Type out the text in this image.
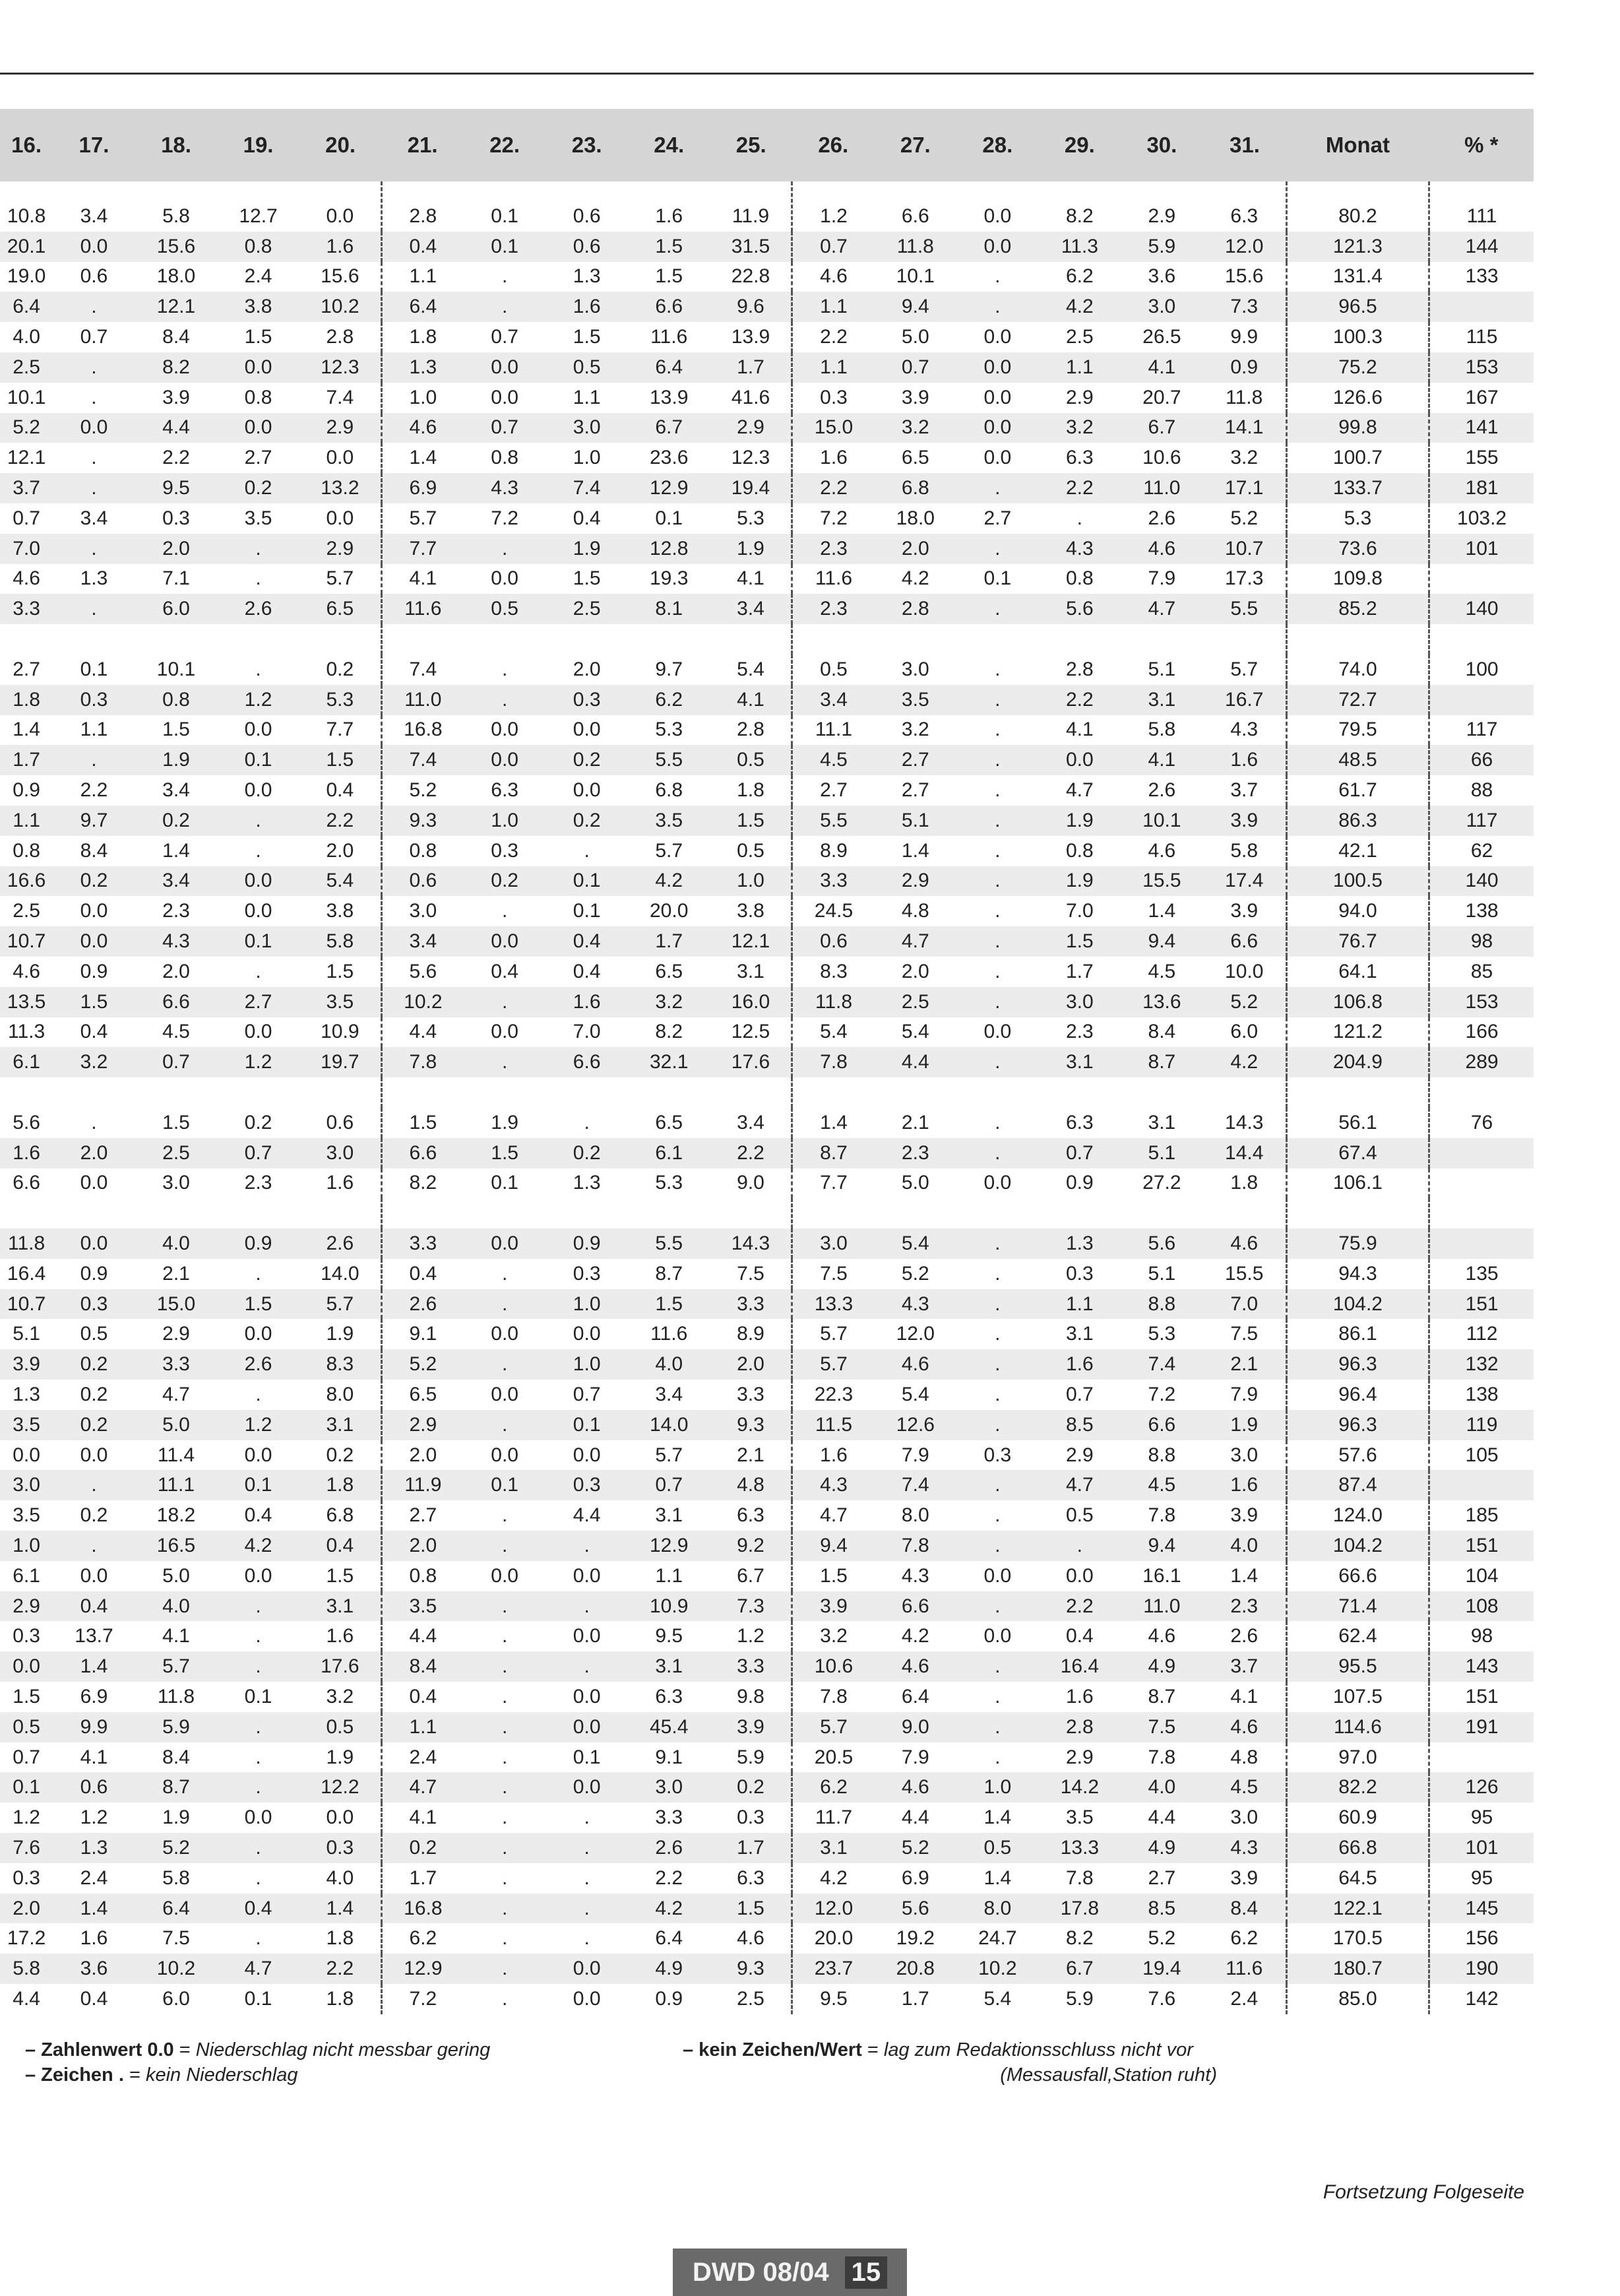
16.	17.	18.	19.	20.	21.	22.	23.	24.	25.	26.	27.	28.	29.	30.	31.	Monat	% *
10.8	3.4	5.8	12.7	0.0	2.8	0.1	0.6	1.6	11.9	1.2	6.6	0.0	8.2	2.9	6.3	80.2	111
20.1	0.0	15.6	0.8	1.6	0.4	0.1	0.6	1.5	31.5	0.7	11.8	0.0	11.3	5.9	12.0	121.3	144
19.0	0.6	18.0	2.4	15.6	1.1	.	1.3	1.5	22.8	4.6	10.1	.	6.2	3.6	15.6	131.4	133
6.4	.	12.1	3.8	10.2	6.4	.	1.6	6.6	9.6	1.1	9.4	.	4.2	3.0	7.3	96.5	
4.0	0.7	8.4	1.5	2.8	1.8	0.7	1.5	11.6	13.9	2.2	5.0	0.0	2.5	26.5	9.9	100.3	115
2.5	.	8.2	0.0	12.3	1.3	0.0	0.5	6.4	1.7	1.1	0.7	0.0	1.1	4.1	0.9	75.2	153
10.1	.	3.9	0.8	7.4	1.0	0.0	1.1	13.9	41.6	0.3	3.9	0.0	2.9	20.7	11.8	126.6	167
5.2	0.0	4.4	0.0	2.9	4.6	0.7	3.0	6.7	2.9	15.0	3.2	0.0	3.2	6.7	14.1	99.8	141
12.1	.	2.2	2.7	0.0	1.4	0.8	1.0	23.6	12.3	1.6	6.5	0.0	6.3	10.6	3.2	100.7	155
3.7	.	9.5	0.2	13.2	6.9	4.3	7.4	12.9	19.4	2.2	6.8	.	2.2	11.0	17.1	133.7	181
0.7	3.4	0.3	3.5	0.0	5.7	7.2	0.4	0.1	5.3	7.2	18.0	2.7	.	2.6	5.2	5.3	103.2
7.0	.	2.0	.	2.9	7.7	.	1.9	12.8	1.9	2.3	2.0	.	4.3	4.6	10.7	73.6	101
4.6	1.3	7.1	.	5.7	4.1	0.0	1.5	19.3	4.1	11.6	4.2	0.1	0.8	7.9	17.3	109.8	
3.3	.	6.0	2.6	6.5	11.6	0.5	2.5	8.1	3.4	2.3	2.8	.	5.6	4.7	5.5	85.2	140

2.7	0.1	10.1	.	0.2	7.4	.	2.0	9.7	5.4	0.5	3.0	.	2.8	5.1	5.7	74.0	100
1.8	0.3	0.8	1.2	5.3	11.0	.	0.3	6.2	4.1	3.4	3.5	.	2.2	3.1	16.7	72.7	
1.4	1.1	1.5	0.0	7.7	16.8	0.0	0.0	5.3	2.8	11.1	3.2	.	4.1	5.8	4.3	79.5	117
1.7	.	1.9	0.1	1.5	7.4	0.0	0.2	5.5	0.5	4.5	2.7	.	0.0	4.1	1.6	48.5	66
0.9	2.2	3.4	0.0	0.4	5.2	6.3	0.0	6.8	1.8	2.7	2.7	.	4.7	2.6	3.7	61.7	88
1.1	9.7	0.2	.	2.2	9.3	1.0	0.2	3.5	1.5	5.5	5.1	.	1.9	10.1	3.9	86.3	117
0.8	8.4	1.4	.	2.0	0.8	0.3	.	5.7	0.5	8.9	1.4	.	0.8	4.6	5.8	42.1	62
16.6	0.2	3.4	0.0	5.4	0.6	0.2	0.1	4.2	1.0	3.3	2.9	.	1.9	15.5	17.4	100.5	140
2.5	0.0	2.3	0.0	3.8	3.0	.	0.1	20.0	3.8	24.5	4.8	.	7.0	1.4	3.9	94.0	138
10.7	0.0	4.3	0.1	5.8	3.4	0.0	0.4	1.7	12.1	0.6	4.7	.	1.5	9.4	6.6	76.7	98
4.6	0.9	2.0	.	1.5	5.6	0.4	0.4	6.5	3.1	8.3	2.0	.	1.7	4.5	10.0	64.1	85
13.5	1.5	6.6	2.7	3.5	10.2	.	1.6	3.2	16.0	11.8	2.5	.	3.0	13.6	5.2	106.8	153
11.3	0.4	4.5	0.0	10.9	4.4	0.0	7.0	8.2	12.5	5.4	5.4	0.0	2.3	8.4	6.0	121.2	166
6.1	3.2	0.7	1.2	19.7	7.8	.	6.6	32.1	17.6	7.8	4.4	.	3.1	8.7	4.2	204.9	289

5.6	.	1.5	0.2	0.6	1.5	1.9	.	6.5	3.4	1.4	2.1	.	6.3	3.1	14.3	56.1	76
1.6	2.0	2.5	0.7	3.0	6.6	1.5	0.2	6.1	2.2	8.7	2.3	.	0.7	5.1	14.4	67.4	
6.6	0.0	3.0	2.3	1.6	8.2	0.1	1.3	5.3	9.0	7.7	5.0	0.0	0.9	27.2	1.8	106.1	

11.8	0.0	4.0	0.9	2.6	3.3	0.0	0.9	5.5	14.3	3.0	5.4	.	1.3	5.6	4.6	75.9	
16.4	0.9	2.1	.	14.0	0.4	.	0.3	8.7	7.5	7.5	5.2	.	0.3	5.1	15.5	94.3	135
10.7	0.3	15.0	1.5	5.7	2.6	.	1.0	1.5	3.3	13.3	4.3	.	1.1	8.8	7.0	104.2	151
5.1	0.5	2.9	0.0	1.9	9.1	0.0	0.0	11.6	8.9	5.7	12.0	.	3.1	5.3	7.5	86.1	112
3.9	0.2	3.3	2.6	8.3	5.2	.	1.0	4.0	2.0	5.7	4.6	.	1.6	7.4	2.1	96.3	132
1.3	0.2	4.7	.	8.0	6.5	0.0	0.7	3.4	3.3	22.3	5.4	.	0.7	7.2	7.9	96.4	138
3.5	0.2	5.0	1.2	3.1	2.9	.	0.1	14.0	9.3	11.5	12.6	.	8.5	6.6	1.9	96.3	119
0.0	0.0	11.4	0.0	0.2	2.0	0.0	0.0	5.7	2.1	1.6	7.9	0.3	2.9	8.8	3.0	57.6	105
3.0	.	11.1	0.1	1.8	11.9	0.1	0.3	0.7	4.8	4.3	7.4	.	4.7	4.5	1.6	87.4	
3.5	0.2	18.2	0.4	6.8	2.7	.	4.4	3.1	6.3	4.7	8.0	.	0.5	7.8	3.9	124.0	185
1.0	.	16.5	4.2	0.4	2.0	.	.	12.9	9.2	9.4	7.8	.	.	9.4	4.0	104.2	151
6.1	0.0	5.0	0.0	1.5	0.8	0.0	0.0	1.1	6.7	1.5	4.3	0.0	0.0	16.1	1.4	66.6	104
2.9	0.4	4.0	.	3.1	3.5	.	.	10.9	7.3	3.9	6.6	.	2.2	11.0	2.3	71.4	108
0.3	13.7	4.1	.	1.6	4.4	.	0.0	9.5	1.2	3.2	4.2	0.0	0.4	4.6	2.6	62.4	98
0.0	1.4	5.7	.	17.6	8.4	.	.	3.1	3.3	10.6	4.6	.	16.4	4.9	3.7	95.5	143
1.5	6.9	11.8	0.1	3.2	0.4	.	0.0	6.3	9.8	7.8	6.4	.	1.6	8.7	4.1	107.5	151
0.5	9.9	5.9	.	0.5	1.1	.	0.0	45.4	3.9	5.7	9.0	.	2.8	7.5	4.6	114.6	191
0.7	4.1	8.4	.	1.9	2.4	.	0.1	9.1	5.9	20.5	7.9	.	2.9	7.8	4.8	97.0	
0.1	0.6	8.7	.	12.2	4.7	.	0.0	3.0	0.2	6.2	4.6	1.0	14.2	4.0	4.5	82.2	126
1.2	1.2	1.9	0.0	0.0	4.1	.	.	3.3	0.3	11.7	4.4	1.4	3.5	4.4	3.0	60.9	95
7.6	1.3	5.2	.	0.3	0.2	.	.	2.6	1.7	3.1	5.2	0.5	13.3	4.9	4.3	66.8	101
0.3	2.4	5.8	.	4.0	1.7	.	.	2.2	6.3	4.2	6.9	1.4	7.8	2.7	3.9	64.5	95
2.0	1.4	6.4	0.4	1.4	16.8	.	.	4.2	1.5	12.0	5.6	8.0	17.8	8.5	8.4	122.1	145
17.2	1.6	7.5	.	1.8	6.2	.	.	6.4	4.6	20.0	19.2	24.7	8.2	5.2	6.2	170.5	156
5.8	3.6	10.2	4.7	2.2	12.9	.	0.0	4.9	9.3	23.7	20.8	10.2	6.7	19.4	11.6	180.7	190
4.4	0.4	6.0	0.1	1.8	7.2	.	0.0	0.9	2.5	9.5	1.7	5.4	5.9	7.6	2.4	85.0	142
– Zahlenwert 0.0 = Niederschlag nicht messbar gering
– Zeichen . = kein Niederschlag
– kein Zeichen/Wert = lag zum Redaktionsschluss nicht vor
(Messausfall,Station ruht)
Fortsetzung Folgeseite
DWD 08/04 15
